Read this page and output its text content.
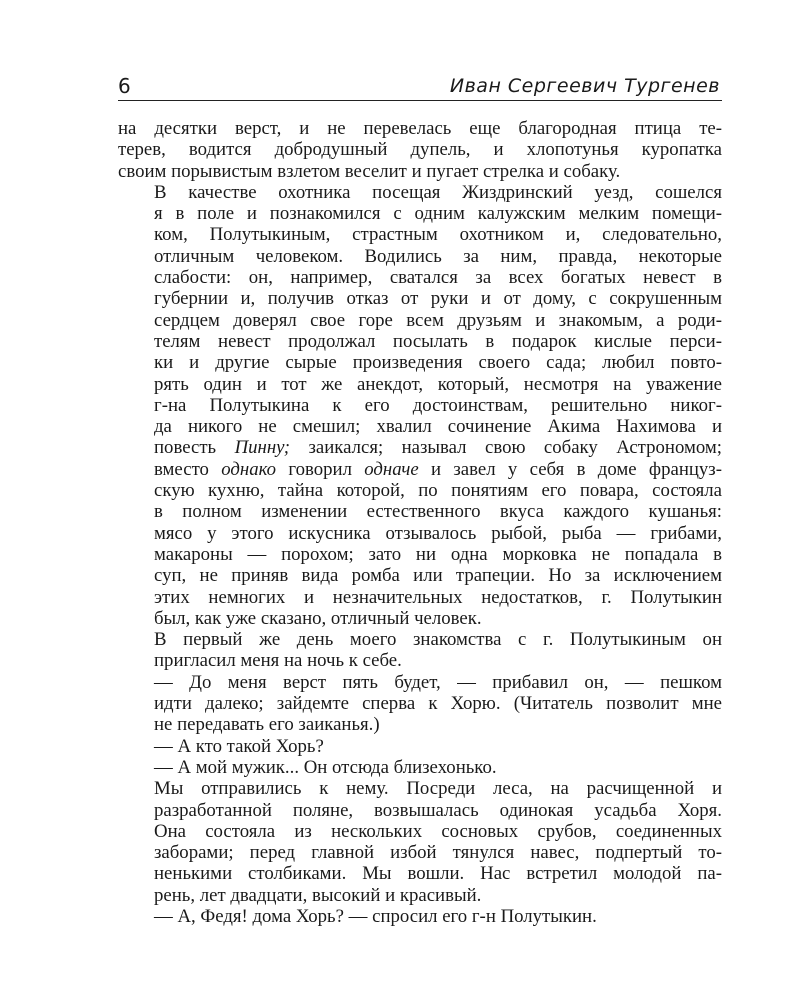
6	Иван Сергеевич Тургенев

на десятки верст, и не перевелась еще благородная птица те-
терев, водится добродушный дупель, и хлопотунья куропатка
своим порывистым взлетом веселит и пугает стрелка и собаку.

В качестве охотника посещая Жиздринский уезд, сошелся
я в поле и познакомился с одним калужским мелким помещи-
ком, Полутыкиным, страстным охотником и, следовательно,
отличным человеком. Водились за ним, правда, некоторые
слабости: он, например, сватался за всех богатых невест в
губернии и, получив отказ от руки и от дому, с сокрушенным
сердцем доверял свое горе всем друзьям и знакомым, а роди-
телям невест продолжал посылать в подарок кислые перси-
ки и другие сырые произведения своего сада; любил повто-
рять один и тот же анекдот, который, несмотря на уважение
г-на Полутыкина к его достоинствам, решительно никог-
да никого не смешил; хвалил сочинение Акима Нахимова и
повесть Пинну; заикался; называл свою собаку Астрономом;
вместо однако говорил одначе и завел у себя в доме француз-
скую кухню, тайна которой, по понятиям его повара, состояла
в полном изменении естественного вкуса каждого кушанья:
мясо у этого искусника отзывалось рыбой, рыба — грибами,
макароны — порохом; зато ни одна морковка не попадала в
суп, не приняв вида ромба или трапеции. Но за исключением
этих немногих и незначительных недостатков, г. Полутыкин
был, как уже сказано, отличный человек.

В первый же день моего знакомства с г. Полутыкиным он
пригласил меня на ночь к себе.

— До меня верст пять будет, — прибавил он, — пешком
идти далеко; зайдемте сперва к Хорю. (Читатель позволит мне
не передавать его заиканья.)

— А кто такой Хорь?

— А мой мужик... Он отсюда близехонько.

Мы отправились к нему. Посреди леса, на расчищенной и
разработанной поляне, возвышалась одинокая усадьба Хоря.
Она состояла из нескольких сосновых срубов, соединенных
заборами; перед главной избой тянулся навес, подпертый то-
ненькими столбиками. Мы вошли. Нас встретил молодой па-
рень, лет двадцати, высокий и красивый.

— А, Федя! дома Хорь? — спросил его г-н Полутыкин.
